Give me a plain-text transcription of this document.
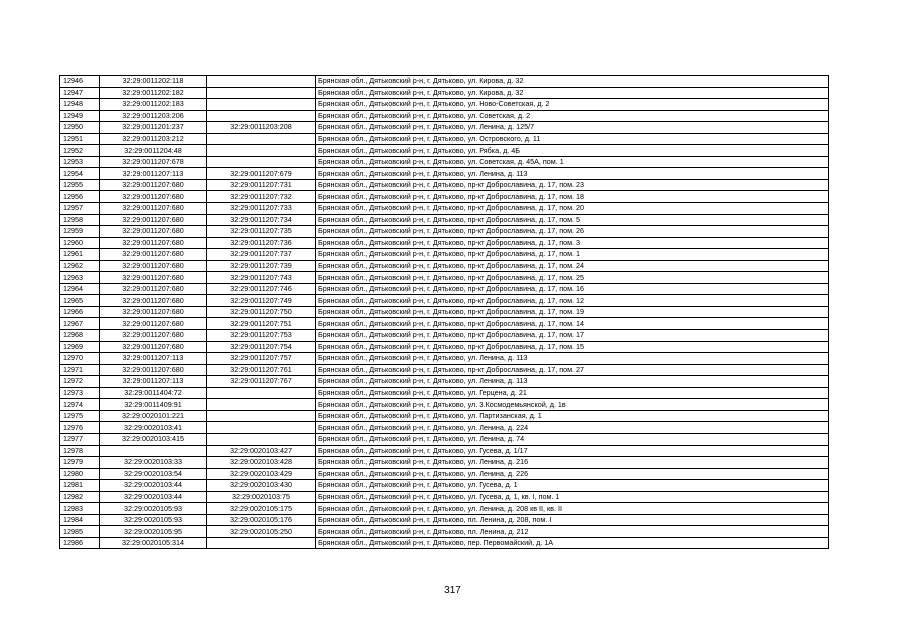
12946	32:29:0011202:118		Брянская обл., Дятьковский р-н, г. Дятьково, ул. Кирова, д. 32
12947	32:29:0011202:182		Брянская обл., Дятьковский р-н, г. Дятьково, ул. Кирова, д. 32
12948	32:29:0011202:183		Брянская обл., Дятьковский р-н, г. Дятьково, ул. Ново-Советская, д. 2
12949	32:29:0011203:206		Брянская обл., Дятьковский р-н, г. Дятьково, ул. Советская, д. 2
12950	32:29:0011201:237	32:29:0011203:208	Брянская обл., Дятьковский р-н, г. Дятьково, ул. Ленина, д. 125/7
12951	32:29:0011203:212		Брянская обл., Дятьковский р-н, г. Дятьково, ул. Островского, д. 11
12952	32:29:0011204:48		Брянская обл., Дятьковский р-н, г. Дятьково, ул. Рябка, д. 4Б
12953	32:29:0011207:678		Брянская обл., Дятьковский р-н, г. Дятьково, ул. Советская, д. 45А, пом. 1
12954	32:29:0011207:113	32:29:0011207:679	Брянская обл., Дятьковский р-н, г. Дятьково, ул. Ленина, д. 113
12955	32:29:0011207:680	32:29:0011207:731	Брянская обл., Дятьковский р-н, г. Дятьково, пр-кт Доброславина, д. 17, пом. 23
12956	32:29:0011207:680	32:29:0011207:732	Брянская обл., Дятьковский р-н, г. Дятьково, пр-кт Доброславина, д. 17, пом. 18
12957	32:29:0011207:680	32:29:0011207:733	Брянская обл., Дятьковский р-н, г. Дятьково, пр-кт Доброславина, д. 17, пом. 20
12958	32:29:0011207:680	32:29:0011207:734	Брянская обл., Дятьковский р-н, г. Дятьково, пр-кт Доброславина, д. 17, пом. 5
12959	32:29:0011207:680	32:29:0011207:735	Брянская обл., Дятьковский р-н, г. Дятьково, пр-кт Доброславина, д. 17, пом. 26
12960	32:29:0011207:680	32:29:0011207:736	Брянская обл., Дятьковский р-н, г. Дятьково, пр-кт Доброславина, д. 17, пом. 3
12961	32:29:0011207:680	32:29:0011207:737	Брянская обл., Дятьковский р-н, г. Дятьково, пр-кт Доброславина, д. 17, пом. 1
12962	32:29:0011207:680	32:29:0011207:739	Брянская обл., Дятьковский р-н, г. Дятьково, пр-кт Доброславина, д. 17, пом. 24
12963	32:29:0011207:680	32:29:0011207:743	Брянская обл., Дятьковский р-н, г. Дятьково, пр-кт Доброславина, д. 17, пом. 25
12964	32:29:0011207:680	32:29:0011207:746	Брянская обл., Дятьковский р-н, г. Дятьково, пр-кт Доброславина, д. 17, пом. 16
12965	32:29:0011207:680	32:29:0011207:749	Брянская обл., Дятьковский р-н, г. Дятьково, пр-кт Доброславина, д. 17, пом. 12
12966	32:29:0011207:680	32:29:0011207:750	Брянская обл., Дятьковский р-н, г. Дятьково, пр-кт Доброславина, д. 17, пом. 19
12967	32:29:0011207:680	32:29:0011207:751	Брянская обл., Дятьковский р-н, г. Дятьково, пр-кт Доброславина, д. 17, пом. 14
12968	32:29:0011207:680	32:29:0011207:753	Брянская обл., Дятьковский р-н, г. Дятьково, пр-кт Доброславина, д. 17, пом. 17
12969	32:29:0011207:680	32:29:0011207:754	Брянская обл., Дятьковский р-н, г. Дятьково, пр-кт Доброславина, д. 17, пом. 15
12970	32:29:0011207:113	32:29:0011207:757	Брянская обл., Дятьковский р-н, г. Дятьково, ул. Ленина, д. 113
12971	32:29:0011207:680	32:29:0011207:761	Брянская обл., Дятьковский р-н, г. Дятьково, пр-кт Доброславина, д. 17, пом. 27
12972	32:29:0011207:113	32:29:0011207:767	Брянская обл., Дятьковский р-н, г. Дятьково, ул. Ленина, д. 113
12973	32:29:0011404:72		Брянская обл., Дятьковский р-н, г. Дятьково, ул. Герцена, д. 21
12974	32:29:0011409:91		Брянская обл., Дятьковский р-н, г. Дятьково, ул. З.Космодемьянской, д. 1в
12975	32:29:0020101:221		Брянская обл., Дятьковский р-н, г. Дятьково, ул. Партизанская, д. 1
12976	32:29:0020103:41		Брянская обл., Дятьковский р-н, г. Дятьково, ул. Ленина, д. 224
12977	32:29:0020103:415		Брянская обл., Дятьковский р-н, г. Дятьково, ул. Ленина, д. 74
12978		32:29:0020103:427	Брянская обл., Дятьковский р-н, г. Дятьково, ул. Гусева, д. 1/17
12979	32:29:0020103:33	32:29:0020103:428	Брянская обл., Дятьковский р-н, г. Дятьково, ул. Ленина, д. 216
12980	32:29:0020103:54	32:29:0020103:429	Брянская обл., Дятьковский р-н, г. Дятьково, ул. Ленина, д. 226
12981	32:29:0020103:44	32:29:0020103:430	Брянская обл., Дятьковский р-н, г. Дятьково, ул. Гусева, д. 1
12982	32:29:0020103:44	32:29:0020103:75	Брянская обл., Дятьковский р-н, г. Дятьково, ул. Гусева, д. 1, кв. I, пом. 1
12983	32:29:0020105:93	32:29:0020105:175	Брянская обл., Дятьковский р-н, г. Дятьково, ул. Ленина, д. 208 кв II, кв. II
12984	32:29:0020105:93	32:29:0020105:176	Брянская обл., Дятьковский р-н, г. Дятьково, пл. Ленина, д. 208, пом. I
12985	32:29:0020105:95	32:29:0020105:250	Брянская обл., Дятьковский р-н, г. Дятьково, пл. Ленина, д. 212
12986	32:29:0020105:314		Брянская обл., Дятьковский р-н, г. Дятьково, пер. Первомайский, д. 1А
317
